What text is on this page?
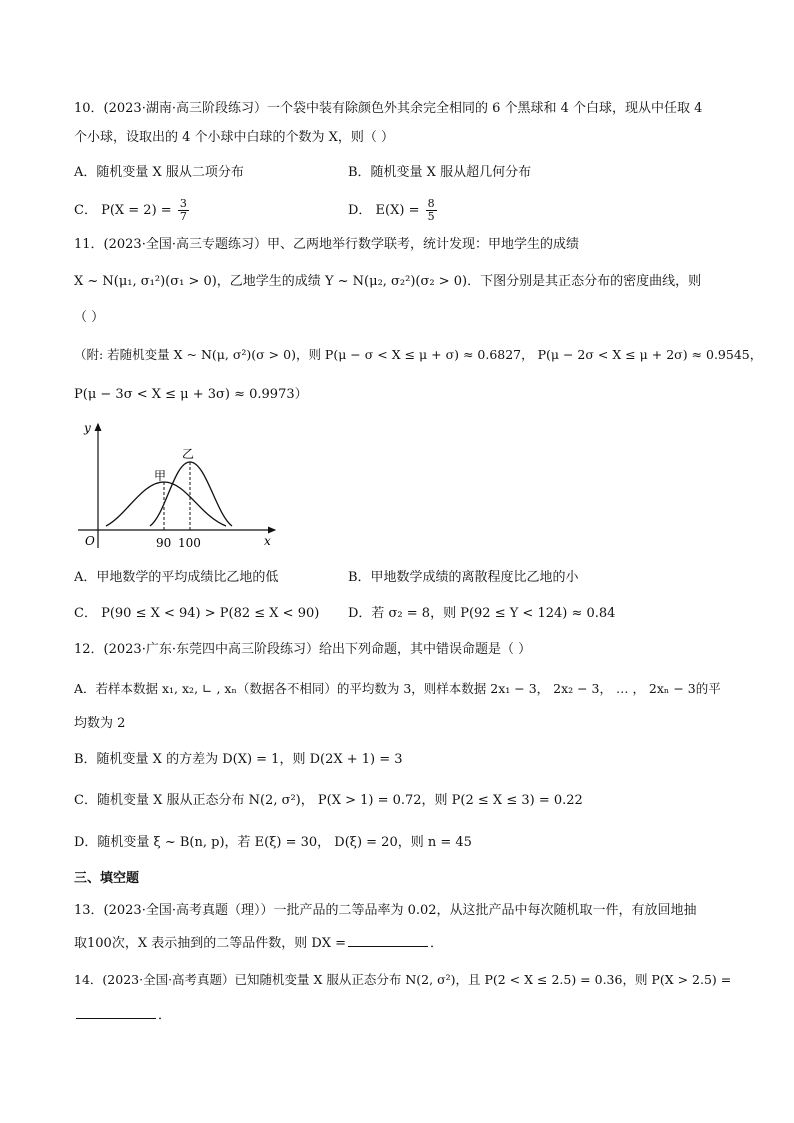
10．(2023·湖南·高三阶段练习）一个袋中装有除颜色外其余完全相同的 6 个黑球和 4 个白球，现从中任取 4
个小球，设取出的 4 个小球中白球的个数为 X，则（ ）
A．随机变量 X 服从二项分布	B．随机变量 X 服从超几何分布
C． $P(X = 2) = \frac{3}{7}$	D． $E(X) = \frac{8}{5}$
11．(2023·全国·高三专题练习）甲、乙两地举行数学联考，统计发现：甲地学生的成绩
X ~ N(μ₁, σ₁²)(σ₁ > 0)，乙地学生的成绩 Y ~ N(μ₂, σ₂²)(σ₂ > 0)．下图分别是其正态分布的密度曲线，则
（ ）
（附: 若随机变量 X ~ N(μ, σ²)(σ > 0)，则 P(μ − σ < X ≤ μ + σ) ≈ 0.6827， P(μ − 2σ < X ≤ μ + 2σ) ≈ 0.9545，
P(μ − 3σ < X ≤ μ + 3σ) ≈ 0.9973）
y
x
O
甲
乙
90 100
A．甲地数学的平均成绩比乙地的低	B．甲地数学成绩的离散程度比乙地的小
C． P(90 ≤ X < 94) > P(82 ≤ X < 90) D．若 σ₂ = 8，则 P(92 ≤ Y < 124) ≈ 0.84
12．(2023·广东·东莞四中高三阶段练习）给出下列命题，其中错误命题是（ ）
A．若样本数据 x₁, x₂, ∟ , xₙ（数据各不相同）的平均数为 3，则样本数据 2x₁ − 3， 2x₂ − 3， … ， 2xₙ − 3的平
均数为 2
B．随机变量 X 的方差为 D(X) = 1，则 D(2X + 1) = 3
C．随机变量 X 服从正态分布 N(2, σ²)， P(X > 1) = 0.72，则 P(2 ≤ X ≤ 3) = 0.22
D．随机变量 ξ ~ B(n, p)，若 E(ξ) = 30， D(ξ) = 20，则 n = 45
三、填空题
13．(2023·全国·高考真题（理））一批产品的二等品率为 0.02，从这批产品中每次随机取一件，有放回地抽
取100次，X 表示抽到的二等品件数，则 DX =	．
14．(2023·全国·高考真题）已知随机变量 X 服从正态分布 N(2, σ²)，且 P(2 < X ≤ 2.5) = 0.36，则 P(X > 2.5) =
．
